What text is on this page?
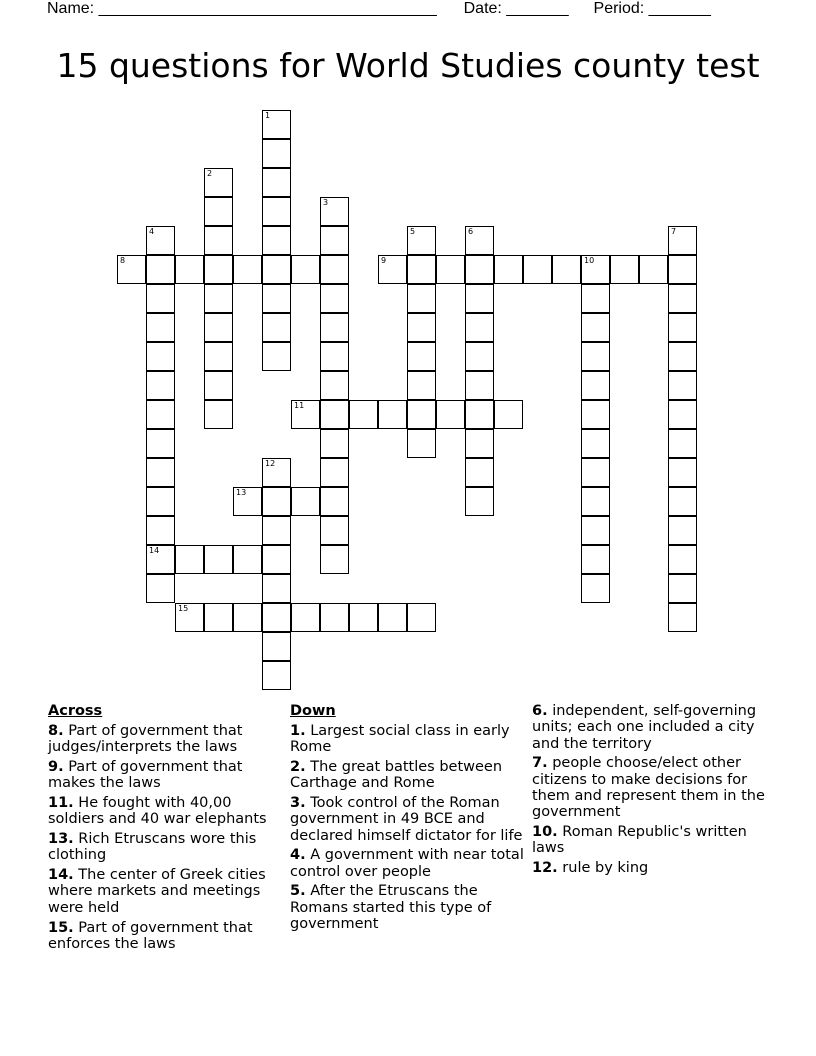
Name: ______________________________________ Date: _______ Period: _______
15 questions for World Studies county test
1
2
3
4
14
5	6	7
8	9	10
11
12
13
15
Across
8. Part of government that judges/interprets the laws
9. Part of government that makes the laws
11. He fought with 40,00 soldiers and 40 war elephants
13. Rich Etruscans wore this clothing
14. The center of Greek cities where markets and meetings were held
15. Part of government that enforces the laws
Down
1. Largest social class in early Rome
2. The great battles between Carthage and Rome
3. Took control of the Roman government in 49 BCE and declared himself dictator for life
4. A government with near total control over people
5. After the Etruscans the Romans started this type of government
6. independent, self-governing units; each one included a city and the territory
7. people choose/elect other citizens to make decisions for them and represent them in the government
10. Roman Republic's written laws
12. rule by king
